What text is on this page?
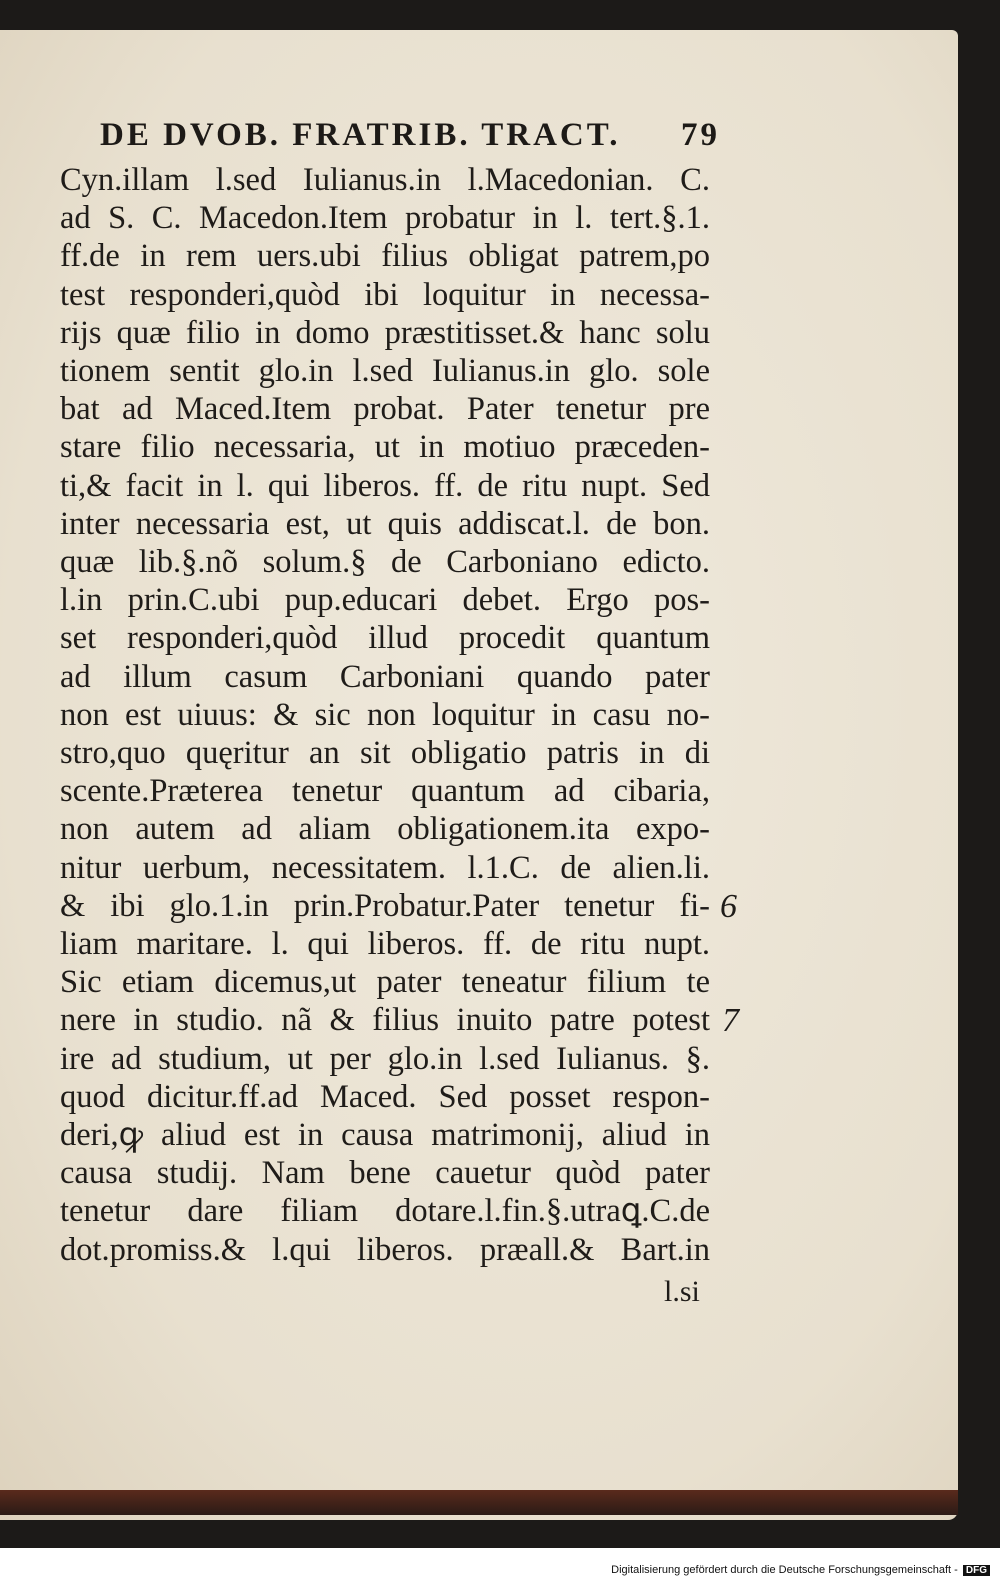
DE DVOB. FRATRIB. TRACT. 79
Cyn.illam l.sed Iulianus.in l.Macedonian. C.
ad S. C. Macedon.Item probatur in l. tert.§.1.
ff.de in rem uers.ubi filius obligat patrem,po
test responderi,quòd ibi loquitur in necessa-
rijs quæ filio in domo præstitisset.& hanc solu
tionem sentit glo.in l.sed Iulianus.in glo. sole
bat ad Maced.Item probat. Pater tenetur pre
stare filio necessaria, ut in motiuo præceden-
ti,& facit in l. qui liberos. ff. de ritu nupt. Sed
inter necessaria est, ut quis addiscat.l. de bon.
quæ lib.§.nõ solum.§ de Carboniano edicto.
l.in prin.C.ubi pup.educari debet. Ergo pos-
set responderi,quòd illud procedit quantum
ad illum casum Carboniani quando pater
non est uiuus: & sic non loquitur in casu no-
stro,quo quęritur an sit obligatio patris in di
scente.Præterea tenetur quantum ad cibaria,
non autem ad aliam obligationem.ita expo-
nitur uerbum, necessitatem. l.1.C. de alien.li.
& ibi glo.1.in prin.Probatur.Pater tenetur fi-
liam maritare. l. qui liberos. ff. de ritu nupt.
Sic etiam dicemus,ut pater teneatur filium te
nere in studio. nã & filius inuito patre potest
ire ad studium, ut per glo.in l.sed Iulianus. §.
quod dicitur.ff.ad Maced. Sed posset respon-
deri,ꝙ aliud est in causa matrimonij, aliud in
causa studij. Nam bene cauetur quòd pater
tenetur dare filiam dotare.l.fin.§.utraꝗ.C.de
dot.promiss.& l.qui liberos. præall.& Bart.in
6
7
l.si
Digitalisierung gefördert durch die Deutsche Forschungsgemeinschaft - DFG
